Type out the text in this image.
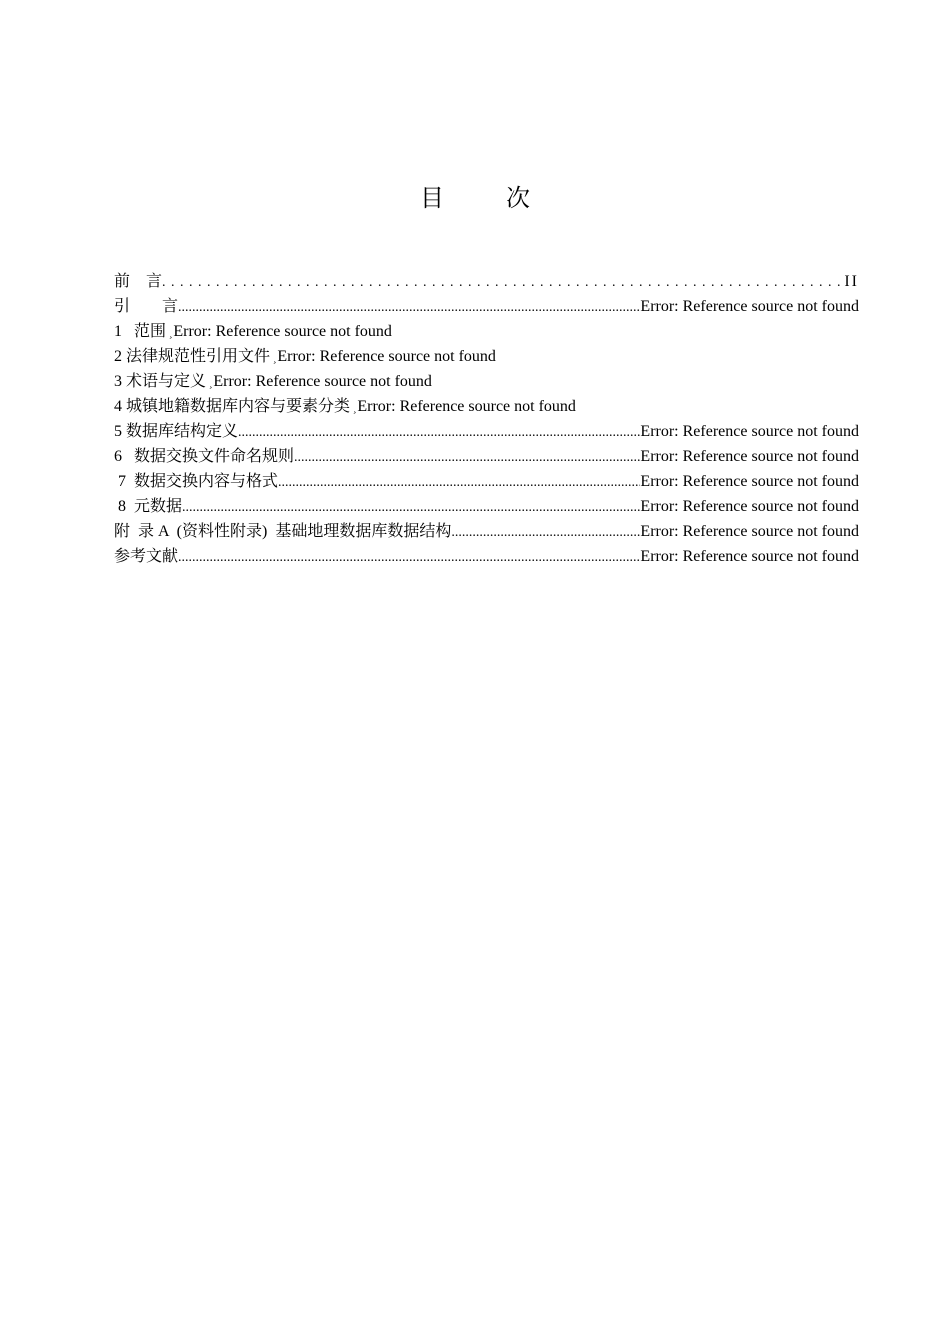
目	次
前    言 . . .	II
引        言 .....	Error: Reference source not found
1   范围 ¸ Error: Reference source not found
2 法律规范性引用文件 ¸ Error: Reference source not found
3 术语与定义 ¸ Error: Reference source not found
4 城镇地籍数据库内容与要素分类 ¸ Error: Reference source not found
5 数据库结构定义 .....	Error: Reference source not found
6   数据交换文件命名规则 .....	Error: Reference source not found
7  数据交换内容与格式 .....	Error: Reference source not found
8  元数据 .....	Error: Reference source not found
附  录 A  (资料性附录)  基础地理数据库数据结构 .....	Error: Reference source not found
参考文献 .....	Error: Reference source not found
